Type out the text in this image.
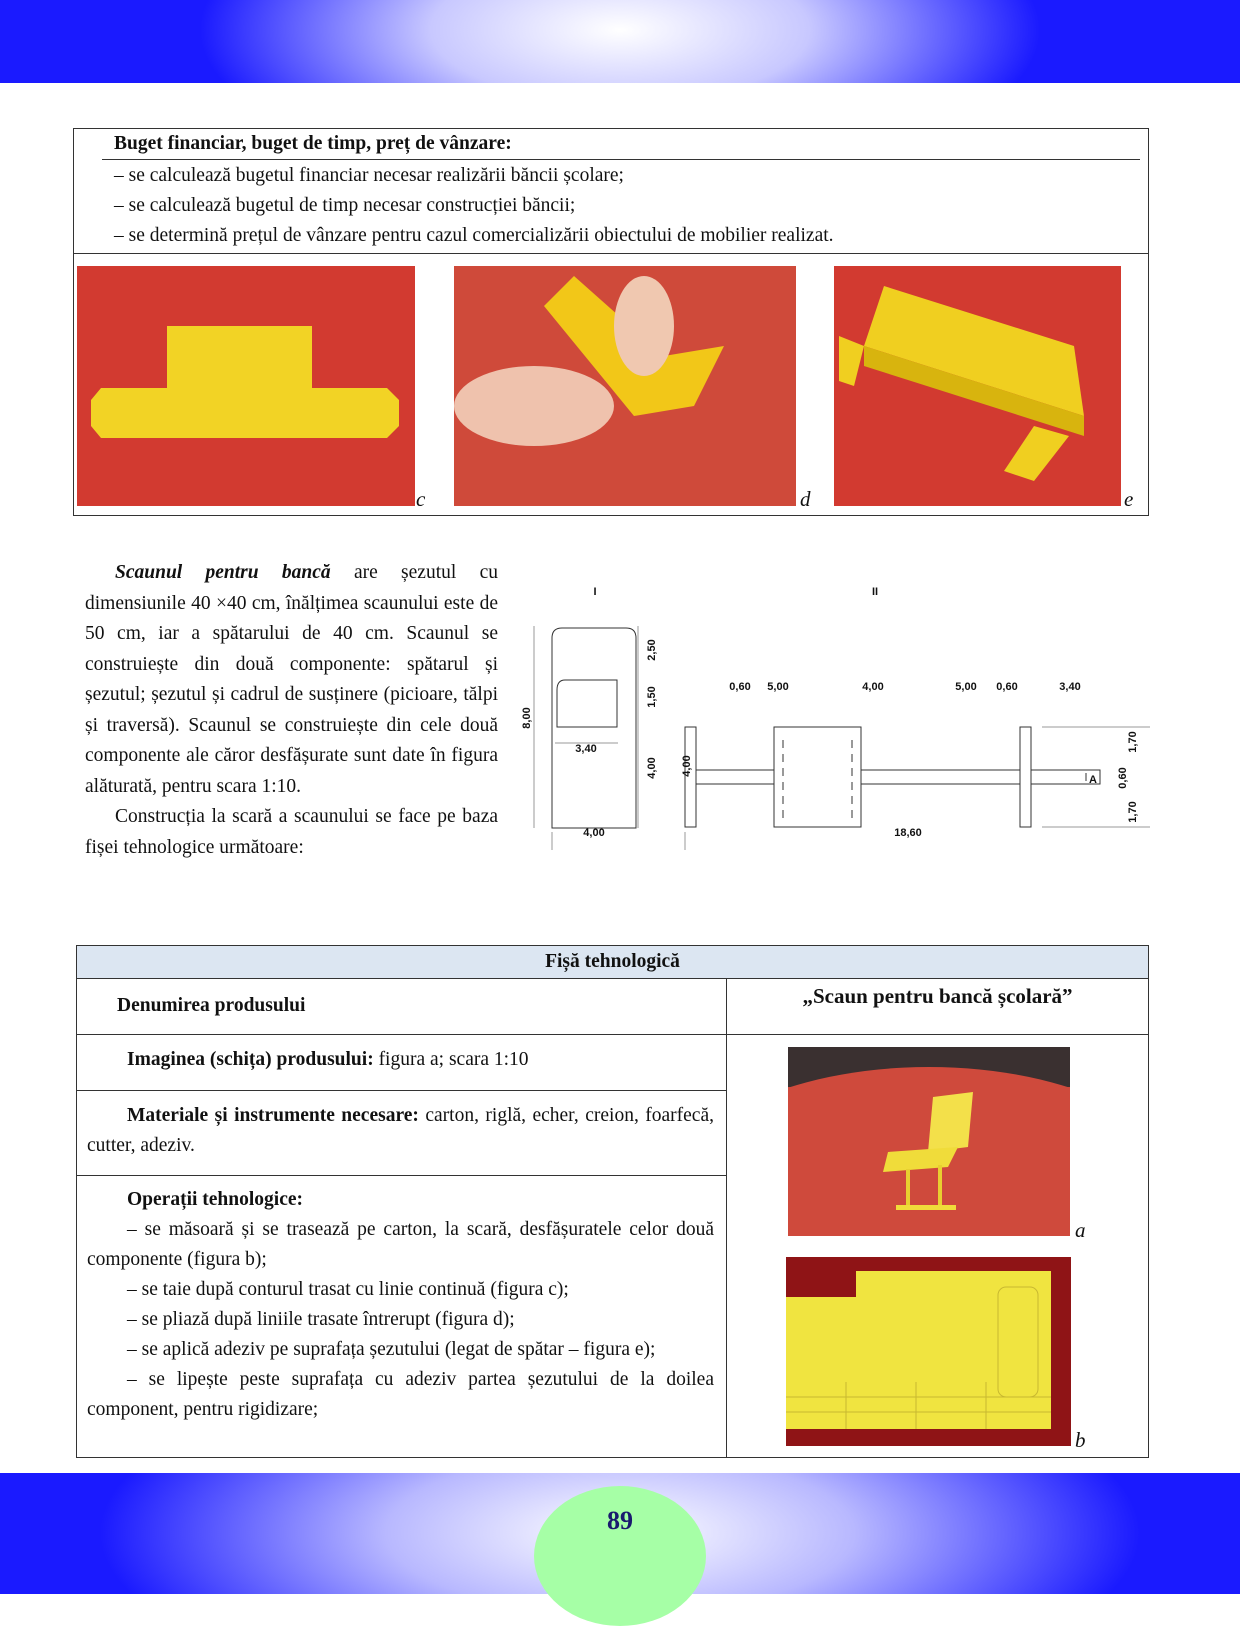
Buget financiar, buget de timp, preț de vânzare:
– se calculează bugetul financiar necesar realizării băncii școlare;
– se calculează bugetul de timp necesar construcției băncii;
– se determină prețul de vânzare pentru cazul comercializării obiectului de mobilier realizat.
c	d	e

Scaunul pentru bancă are șezutul cu dimensiunile 40 ×40 cm, înălțimea scaunului este de 50 cm, iar a spătarului de 40 cm. Scaunul se construiește din două componente: spătarul și șezutul; șezutul și cadrul de susținere (picioare, tălpi și traversă). Scaunul se construiește din cele două componente ale căror desfășurate sunt date în figura alăturată, pentru scara 1:10.

Construcția la scară a scaunului se face pe baza fișei tehnologice următoare:

I	II
3,40
4,00
0,60 5,00	4,00	5,00 0,60	3,40
18,60
A
8,00
2,50
1,50
4,00 4,00
1,70
0,60
1,70
Fișă tehnologică
Denumirea produsului	„Scaun pentru bancă școlară”
Imaginea (schița) produsului: figura a; scara 1:10
Materiale și instrumente necesare: carton, riglă, echer, creion, foarfecă, cutter, adeziv.
Operații tehnologice:
– se măsoară și se trasează pe carton, la scară, desfășuratele celor două componente (figura b);
– se taie după conturul trasat cu linie continuă (figura c);
– se pliază după liniile trasate întrerupt (figura d);
– se aplică adeziv pe suprafața șezutului (legat de spătar – figura e);
– se lipește peste suprafața cu adeziv partea șezutului de la doilea component, pentru rigidizare;
a
b
89
